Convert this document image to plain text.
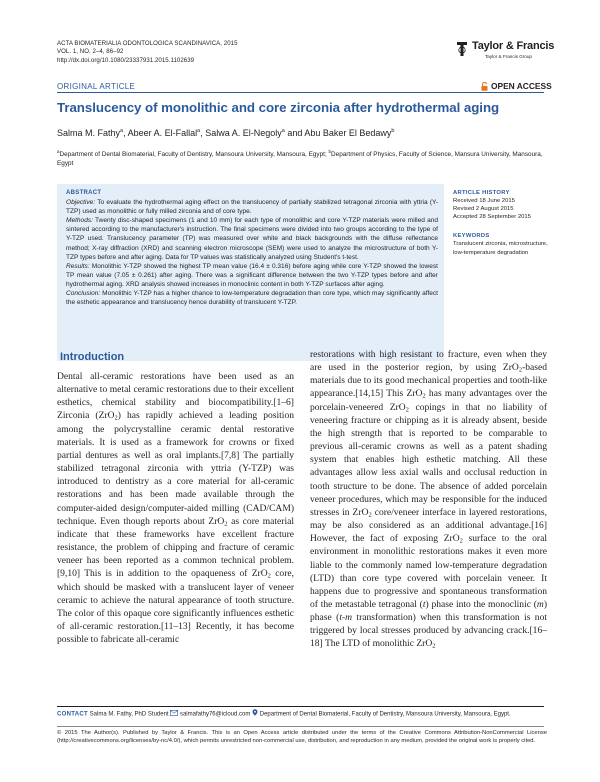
ACTA BIOMATERIALIA ODONTOLOGICA SCANDINAVICA, 2015
VOL. 1, NO. 2–4, 86–92
http://dx.doi.org/10.1080/23337931.2015.1102639
Taylor & Francis
Taylor & Francis Group
ORIGINAL ARTICLE	OPEN ACCESS
Translucency of monolithic and core zirconia after hydrothermal aging
Salma M. Fathy$^a$, Abeer A. El-Fallal$^a$, Salwa A. El-Negoly$^a$ and Abu Baker El Bedawy$^b$
$^a$Department of Dental Biomaterial, Faculty of Dentistry, Mansoura University, Mansoura, Egypt; $^b$Department of Physics, Faculty of Science, Mansura University, Mansoura, Egypt
ABSTRACT
Objective: To evaluate the hydrothermal aging effect on the translucency of partially stabilized tetragonal zirconia with yttria (Y-TZP) used as monolithic or fully milled zirconia and of core type.
Methods: Twenty disc-shaped specimens (1 and 10 mm) for each type of monolithic and core Y-TZP materials were milled and sintered according to the manufacturer's instruction. The final specimens were divided into two groups according to the type of Y-TZP used. Translucency parameter (TP) was measured over white and black backgrounds with the diffuse reflectance method; X-ray diffraction (XRD) and scanning electron microscope (SEM) were used to analyze the microstructure of both Y-TZP types before and after aging. Data for TP values was statistically analyzed using Student's t-test.
Results: Monolithic Y-TZP showed the highest TP mean value (16.4 ± 0.316) before aging while core Y-TZP showed the lowest TP mean value (7.05 ± 0.261) after aging. There was a significant difference between the two Y-TZP types before and after hydrothermal aging. XRD analysis showed increases in monoclinic content in both Y-TZP surfaces after aging.
Conclusion: Monolithic Y-TZP has a higher chance to low-temperature degradation than core type, which may significantly affect the esthetic appearance and translucency hence durability of translucent Y-TZP.
ARTICLE HISTORY
Received 18 June 2015
Revised 2 August 2015
Accepted 28 September 2015
KEYWORDS
Translucent zirconia, microstructure, low-temperature degradation
Introduction

Dental all-ceramic restorations have been used as an alternative to metal ceramic restorations due to their excellent esthetics, chemical stability and biocompatibility.[1–6] Zirconia (ZrO$_2$) has rapidly achieved a leading position among the polycrystalline ceramic dental restorative materials. It is used as a framework for crowns or fixed partial dentures as well as oral implants.[7,8] The partially stabilized tetragonal zirconia with yttria (Y-TZP) was introduced to dentistry as a core material for all-ceramic restorations and has been made available through the computer-aided design/computer-aided milling (CAD/CAM) technique. Even though reports about ZrO$_2$ as core material indicate that these frameworks have excellent fracture resistance, the problem of chipping and fracture of ceramic veneer has been reported as a common technical problem.[9,10] This is in addition to the opaqueness of ZrO$_2$ core, which should be masked with a translucent layer of veneer ceramic to achieve the natural appearance of tooth structure. The color of this opaque core significantly influences esthetic of all-ceramic restoration.[11–13] Recently, it has become possible to fabricate all-ceramic

restorations with high resistant to fracture, even when they are used in the posterior region, by using ZrO$_2$-based materials due to its good mechanical properties and tooth-like appearance.[14,15] This ZrO$_2$ has many advantages over the porcelain-veneered ZrO$_2$ copings in that no liability of veneering fracture or chipping as it is already absent, beside the high strength that is reported to be comparable to previous all-ceramic crowns as well as a patent shading system that enables high esthetic matching. All these advantages allow less axial walls and occlusal reduction in tooth structure to be done. The absence of added porcelain veneer procedures, which may be responsible for the induced stresses in ZrO$_2$ core/veneer interface in layered restorations, may be also considered as an additional advantage.[16] However, the fact of exposing ZrO$_2$ surface to the oral environment in monolithic restorations makes it even more liable to the commonly named low-temperature degradation (LTD) than core type covered with porcelain veneer. It happens due to progressive and spontaneous transformation of the metastable tetragonal (t) phase into the monoclinic (m) phase (t-m transformation) when this transformation is not triggered by local stresses produced by advancing crack.[16–18] The LTD of monolithic ZrO$_2$

CONTACT Salma M. Fathy, PhD Student salmafathy76@icloud.com Department of Dental Biomaterial, Faculty of Dentistry, Mansoura University, Mansoura, Egypt.
© 2015 The Author(s). Published by Taylor & Francis. This is an Open Access article distributed under the terms of the Creative Commons Attribution-NonCommercial License (http://creativecommons.org/licenses/by-nc/4.0/), which permits unrestricted non-commercial use, distribution, and reproduction in any medium, provided the original work is properly cited.
